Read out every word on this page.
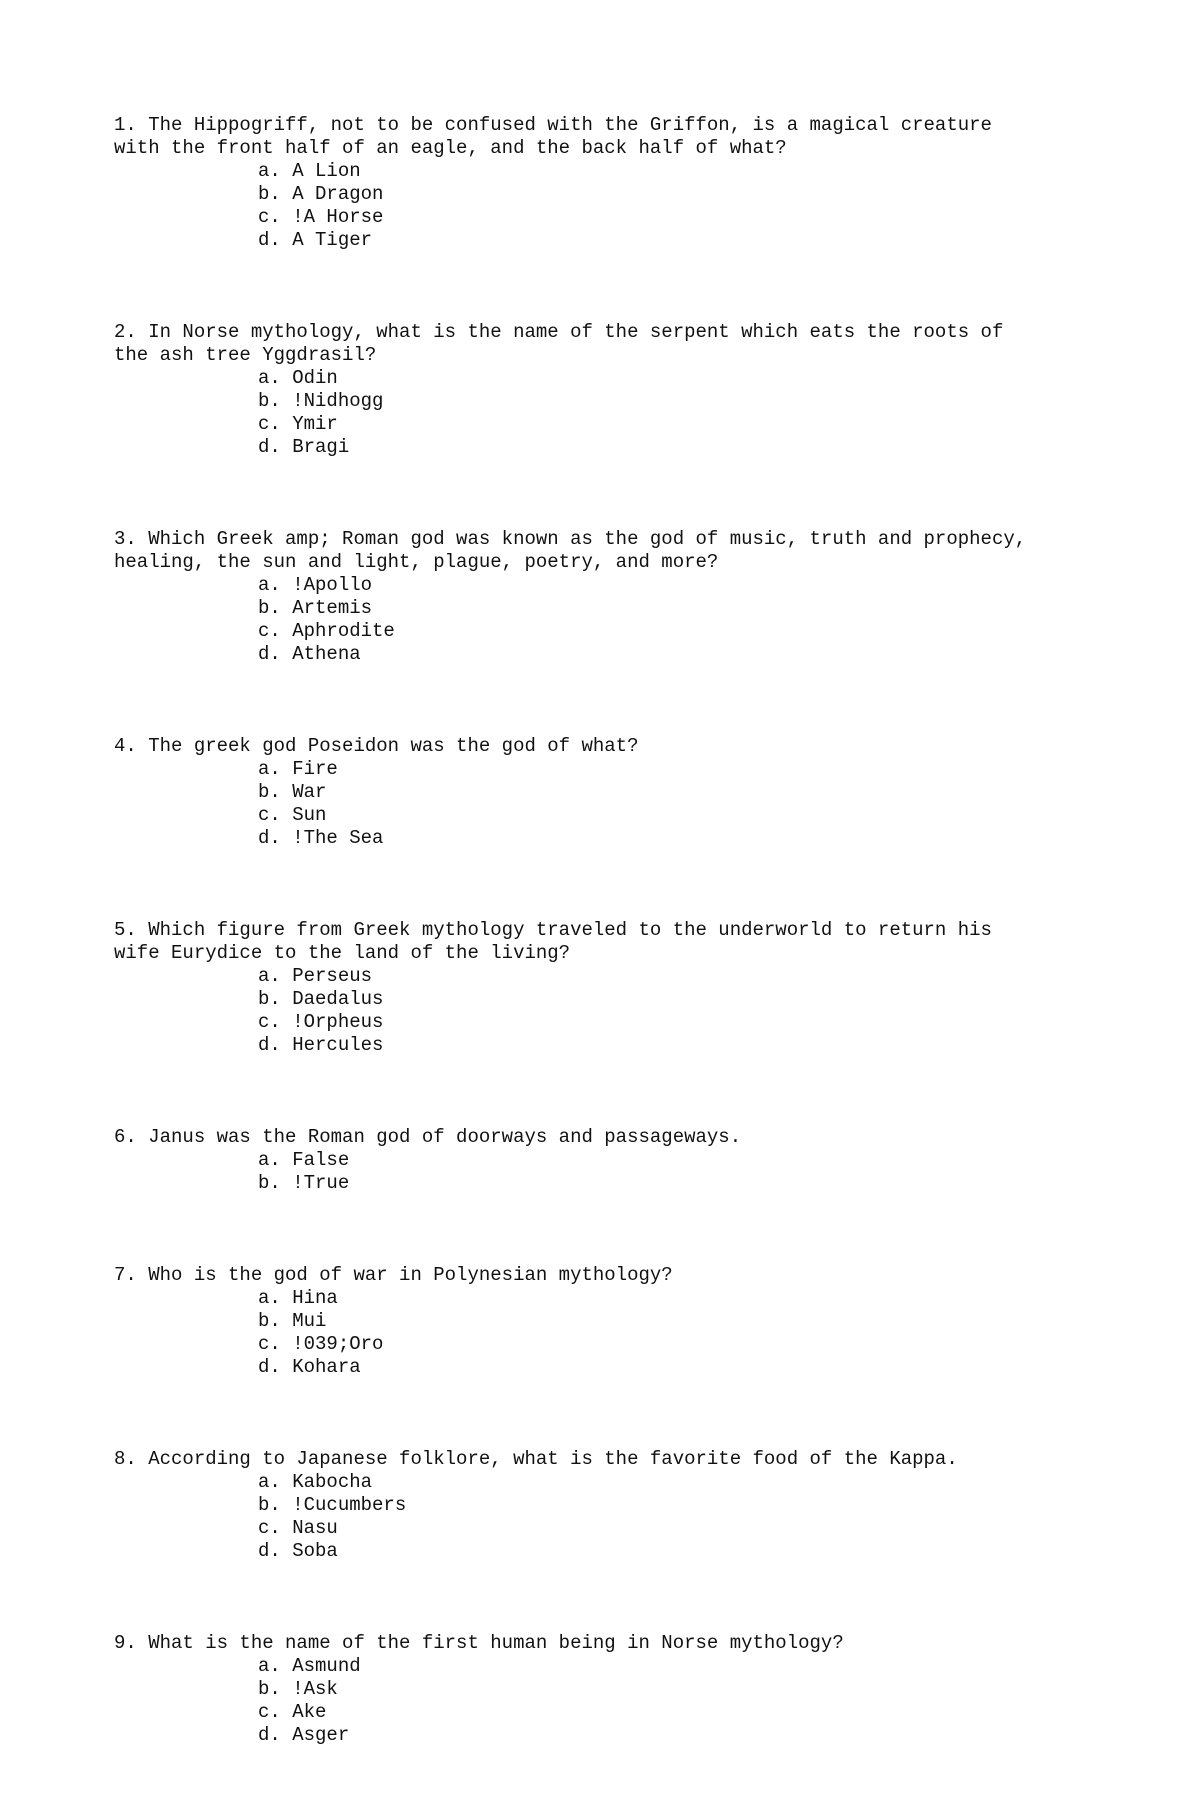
1. The Hippogriff, not to be confused with the Griffon, is a magical creature
with the front half of an eagle, and the back half of what?

a. A Lion
b. A Dragon
c. !A Horse
d. A Tiger

2. In Norse mythology, what is the name of the serpent which eats the roots of
the ash tree Yggdrasil?

a. Odin
b. !Nidhogg
c. Ymir
d. Bragi

3. Which Greek amp; Roman god was known as the god of music, truth and prophecy,
healing, the sun and light, plague, poetry, and more?

a. !Apollo
b. Artemis
c. Aphrodite
d. Athena

4. The greek god Poseidon was the god of what?

a. Fire
b. War
c. Sun
d. !The Sea

5. Which figure from Greek mythology traveled to the underworld to return his
wife Eurydice to the land of the living?

a. Perseus
b. Daedalus
c. !Orpheus
d. Hercules

6. Janus was the Roman god of doorways and passageways.

a. False
b. !True

7. Who is the god of war in Polynesian mythology?

a. Hina
b. Mui
c. !039;Oro
d. Kohara

8. According to Japanese folklore, what is the favorite food of the Kappa.

a. Kabocha
b. !Cucumbers
c. Nasu
d. Soba

9. What is the name of the first human being in Norse mythology?

a. Asmund
b. !Ask
c. Ake
d. Asger
